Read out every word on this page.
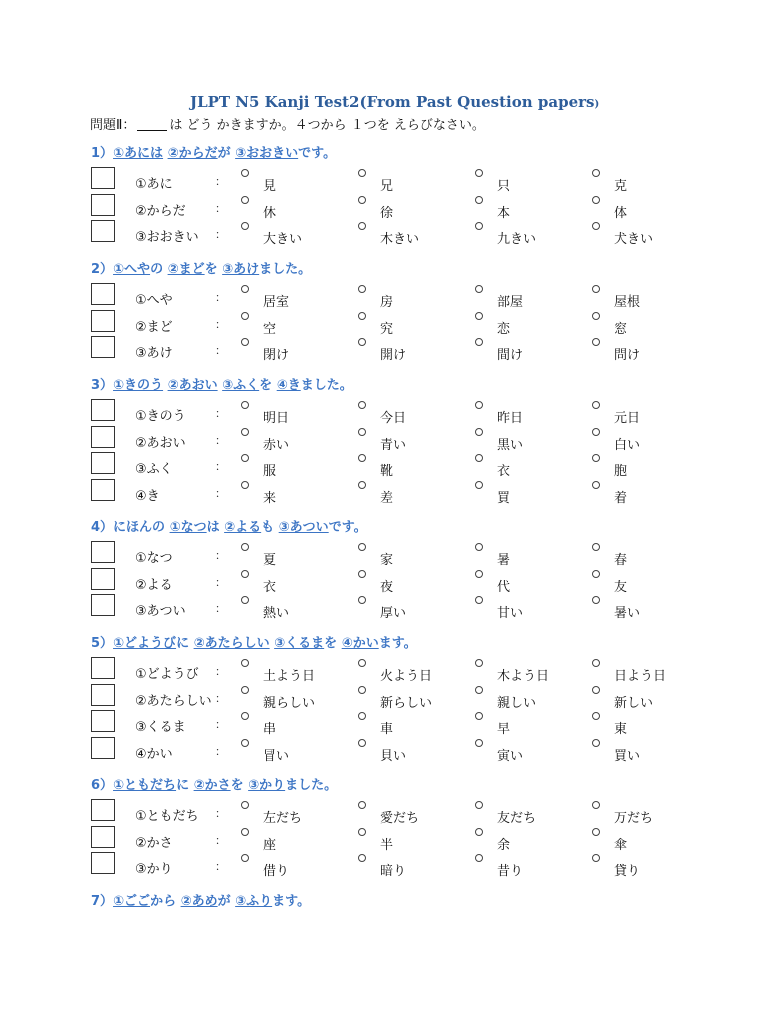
JLPT N5 Kanji Test2(From Past Question papers)
問題Ⅱ：	は どう かきますか。４つから １つを えらびなさい。
1）①あには ②からだが ③おおきいです。
①あに	：	見	兄	只	克
②からだ	：	休	徐	本	体
③おおきい ：	大きい	木きい	九きい	犬きい
2）①へやの ②まどを ③あけました。
①へや	：	居室	房	部屋	屋根
②まど	：	空	究	恋	窓
③あけ	：	閉け	開け	間け	問け
3）①きのう ②あおい ③ふくを ④きました。
①きのう	：	明日	今日	昨日	元日
②あおい	：	赤い	青い	黒い	白い
③ふく	：	服	靴	衣	胞
④き	：	来	差	買	着
4）にほんの ①なつは ②よるも ③あついです。
①なつ	：	夏	家	暑	春
②よる	：	衣	夜	代	友
③あつい	：	熱い	厚い	甘い	暑い
5）①どようびに ②あたらしい ③くるまを ④かいます。
①どようび ：	土よう日	火よう日	木よう日	日よう日
②あたらしい ：	親らしい	新らしい	親しい	新しい
③くるま	：	串	車	早	東
④かい	：	冒い	貝い	寅い	買い
6）①ともだちに ②かさを ③かりました。
①ともだち ：	左だち	愛だち	友だち	万だち
②かさ	：	座	半	余	傘
③かり	：	借り	暗り	昔り	貸り
7）①ごごから ②あめが ③ふります。
